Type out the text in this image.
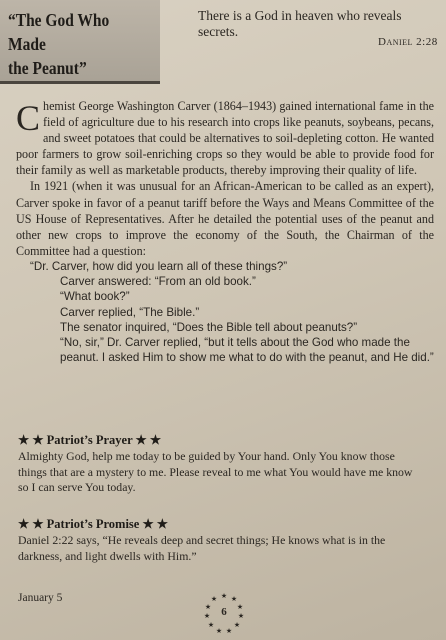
“The God Who Made
the Peanut”
There is a God in heaven who reveals secrets.
Daniel 2:28

Chemist George Washington Carver (1864–1943) gained international fame in the field of agriculture due to his research into crops like peanuts, soybeans, pecans, and sweet potatoes that could be alternatives to soil-depleting cotton. He wanted poor farmers to grow soil-enriching crops so they would be able to provide food for their family as well as marketable products, thereby improving their quality of life.

In 1921 (when it was unusual for an African-American to be called as an expert), Carver spoke in favor of a peanut tariff before the Ways and Means Committee of the US House of Representatives. After he detailed the potential uses of the peanut and other new crops to improve the economy of the South, the Chairman of the Committee had a question:

“Dr. Carver, how did you learn all of these things?”

Carver answered: “From an old book.”

“What book?”

Carver replied, “The Bible.”

The senator inquired, “Does the Bible tell about peanuts?”

“No, sir,” Dr. Carver replied, “but it tells about the God who made the peanut. I asked Him to show me what to do with the peanut, and He did.”

★ ★ Patriot’s Prayer ★ ★
Almighty God, help me today to be guided by Your hand. Only You know those things that are a mystery to me. Please reveal to me what You would have me know so I can serve You today.
★ ★ Patriot’s Promise ★ ★
Daniel 2:22 says, “He reveals deep and secret things; He knows what is in the darkness, and light dwells with Him.”
January 5	★ ★
★
★
★
★
★
★
★
★
★
6
